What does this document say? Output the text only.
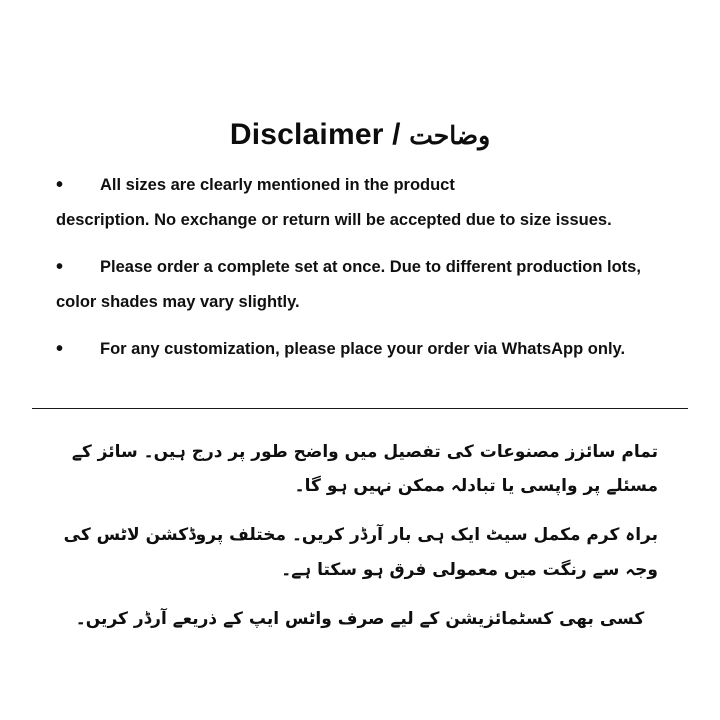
Disclaimer / وضاحت
•	All sizes are clearly mentioned in the product
description. No exchange or return will be accepted due to size issues.
•	Please order a complete set at once. Due to different production lots,
color shades may vary slightly.
•	For any customization, please place your order via WhatsApp only.
تمام سائزز مصنوعات کی تفصیل میں واضح طور پر درج ہیں۔ سائز کے مسئلے پر واپسی یا تبادلہ ممکن نہیں ہو گا۔
براہ کرم مکمل سیٹ ایک ہی بار آرڈر کریں۔ مختلف پروڈکشن لاٹس کی وجہ سے رنگت میں معمولی فرق ہو سکتا ہے۔
کسی بھی کسٹمائزیشن کے لیے صرف واٹس ایپ کے ذریعے آرڈر کریں۔
